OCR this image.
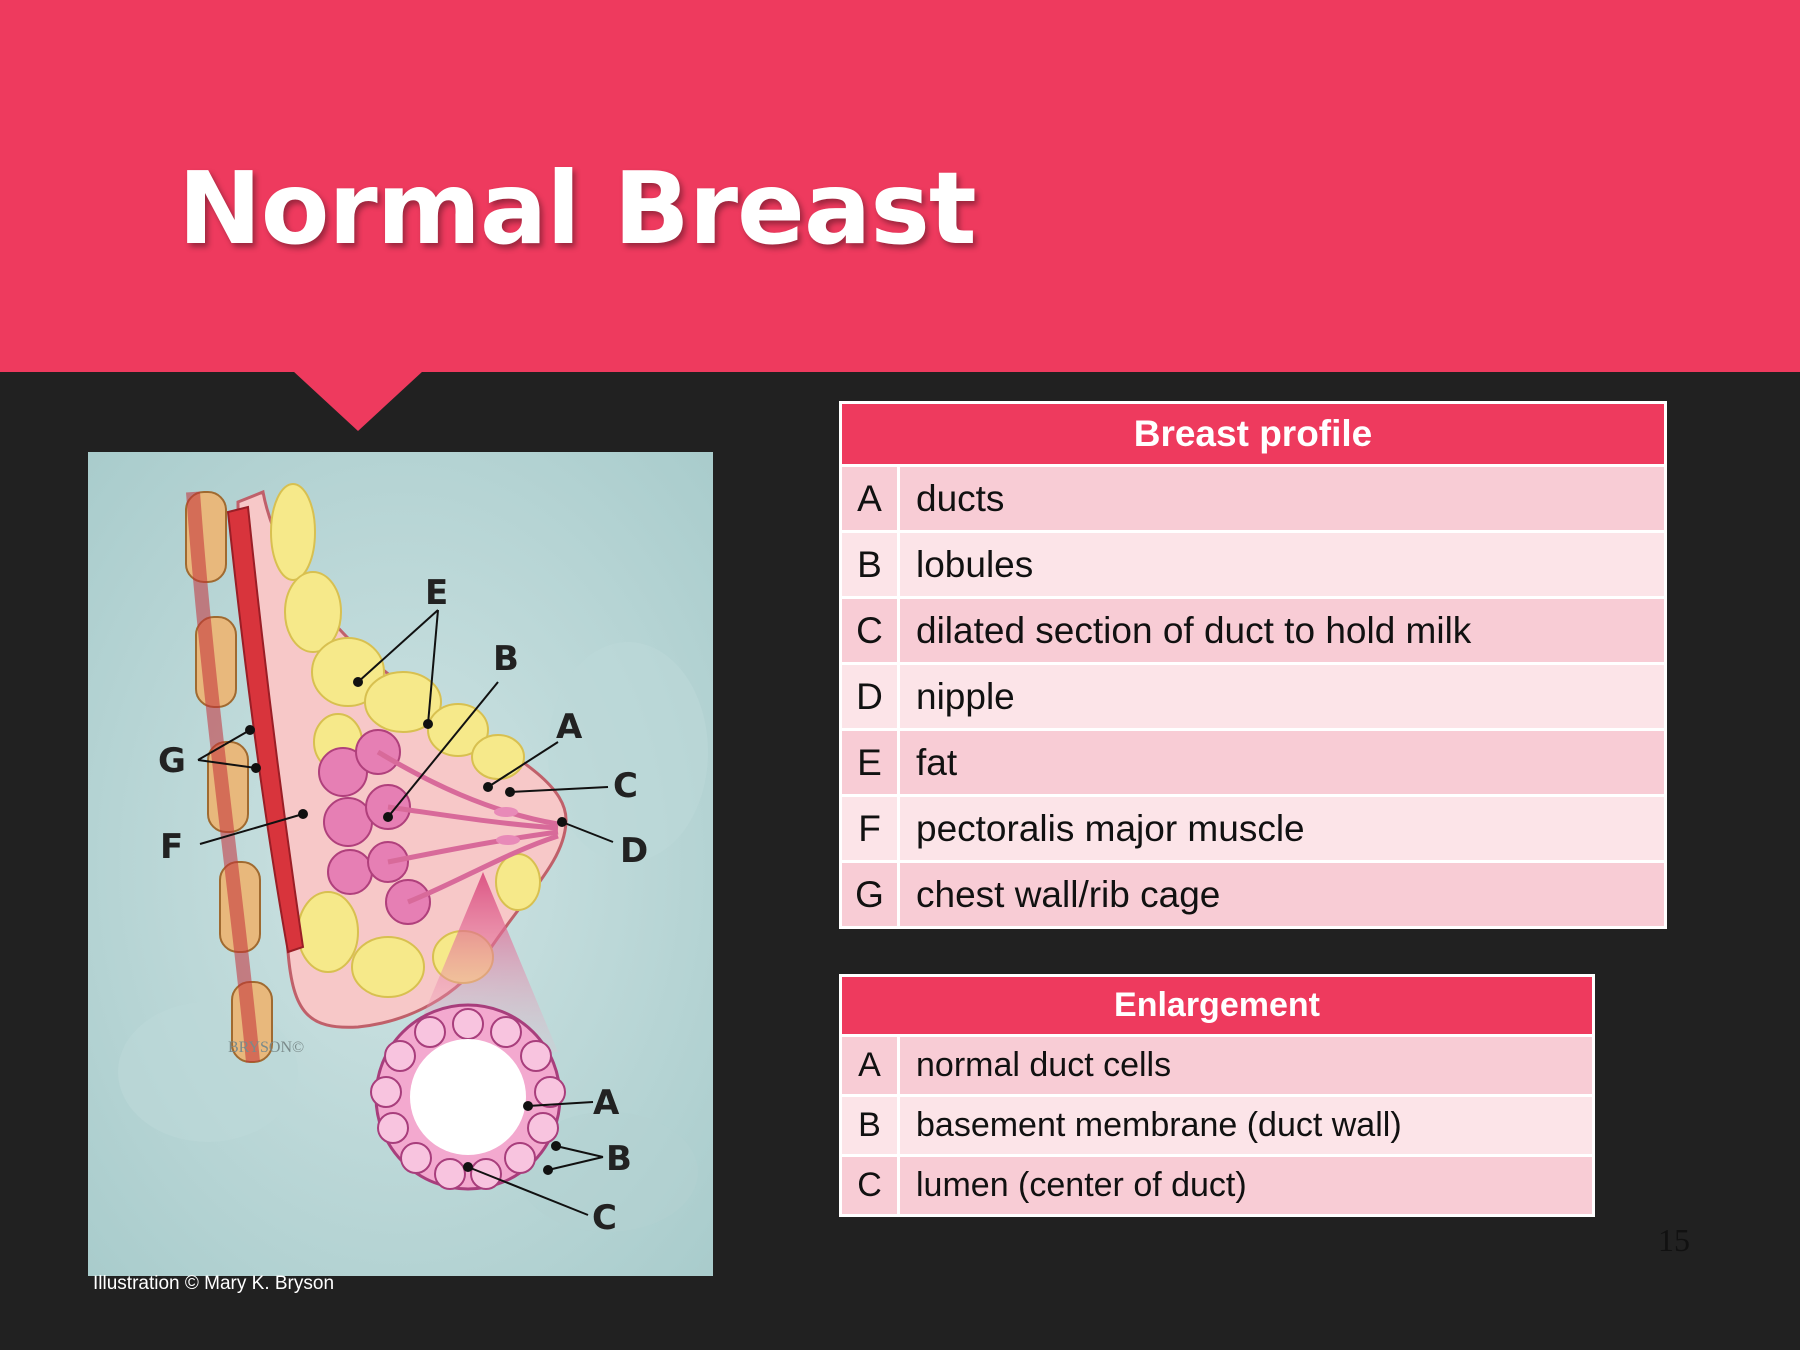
Normal Breast
BRYSON©
E
B
A
C
D
G
F
A
B
C
Illustration © Mary K. Bryson
Breast profile	
A	ducts
B	lobules
C	dilated section of duct to hold milk
D	nipple
E	fat
F	pectoralis major muscle
G	chest wall/rib cage
Enlargement	
A	normal duct cells
B	basement membrane (duct wall)
C	lumen (center of duct)
15
